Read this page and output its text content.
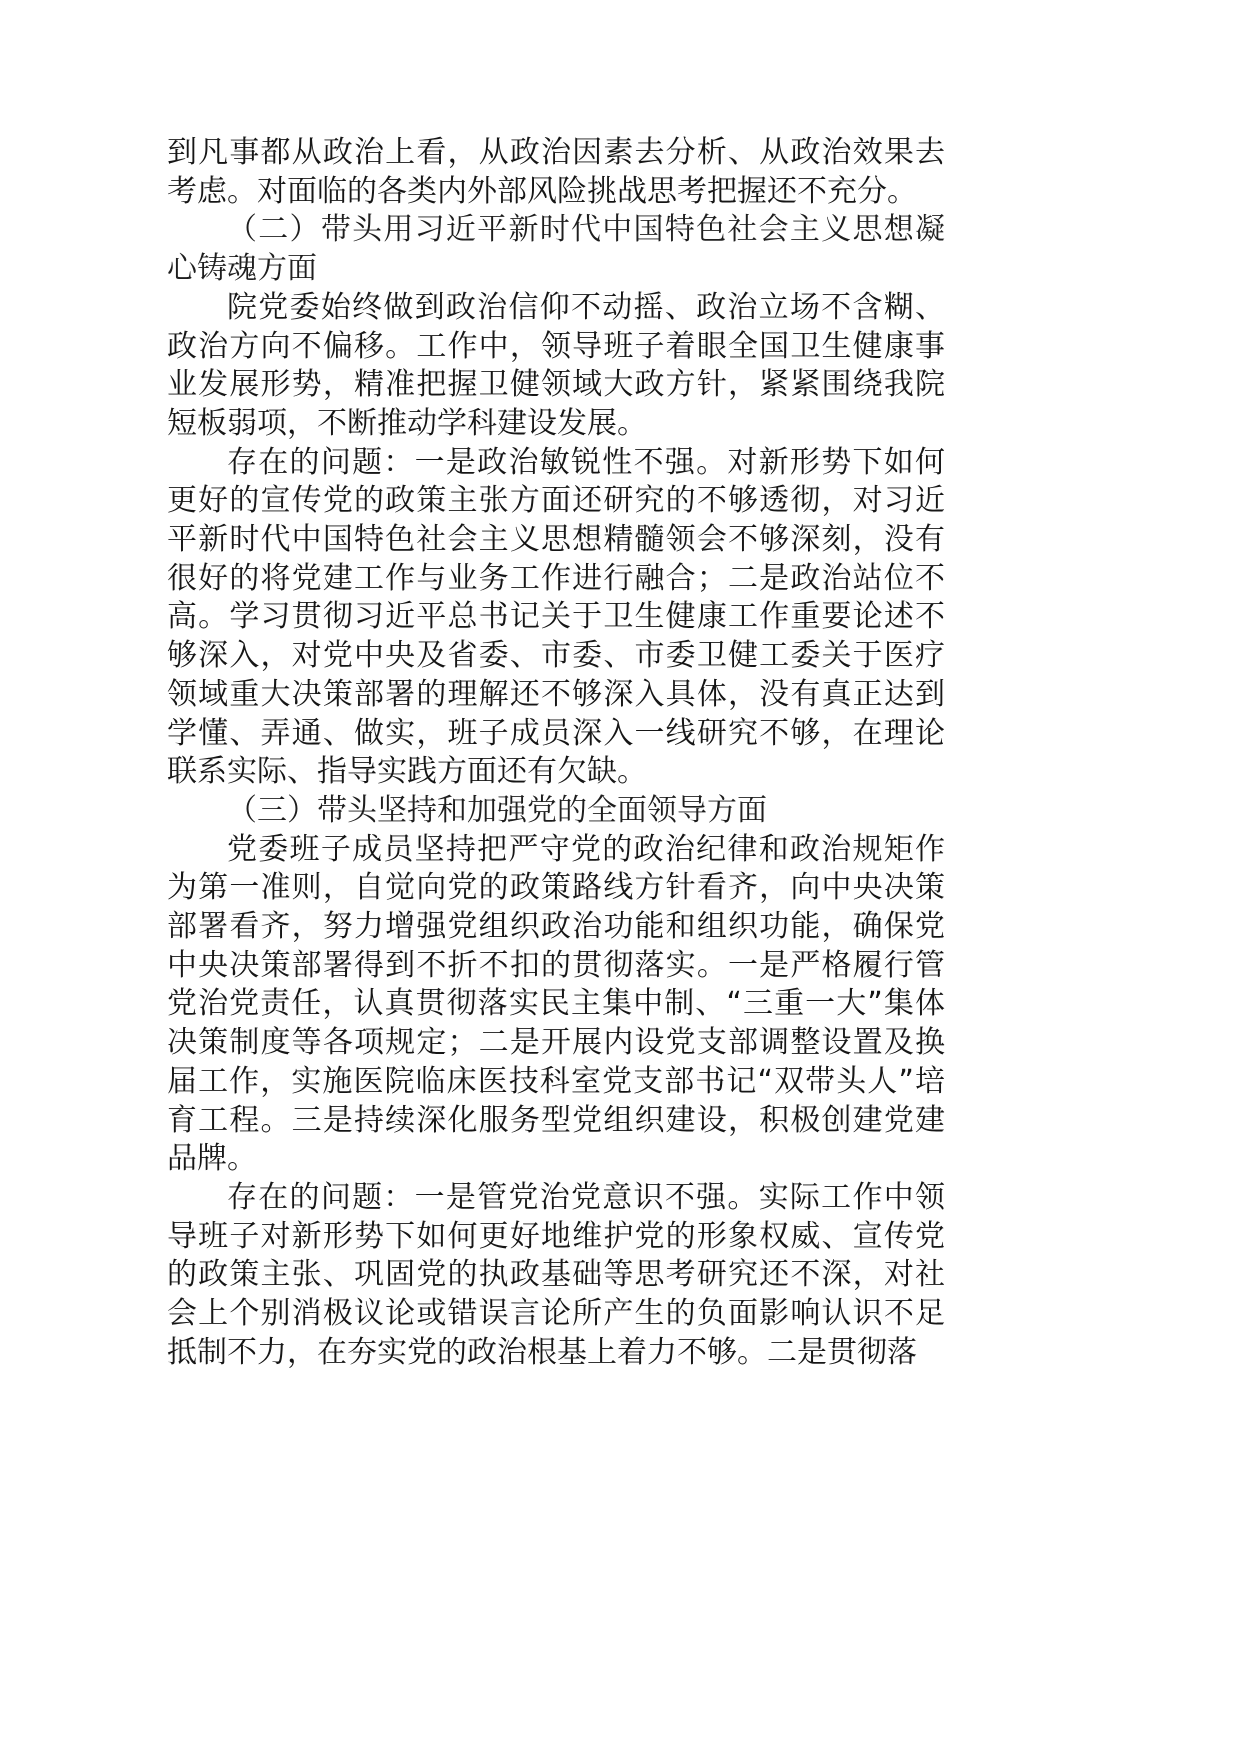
到凡事都从政治上看，从政治因素去分析、从政治效果去考虑。对面临的各类内外部风险挑战思考把握还不充分。

（二）带头用习近平新时代中国特色社会主义思想凝心铸魂方面

院党委始终做到政治信仰不动摇、政治立场不含糊、政治方向不偏移。工作中，领导班子着眼全国卫生健康事业发展形势，精准把握卫健领域大政方针，紧紧围绕我院短板弱项，不断推动学科建设发展。

存在的问题：一是政治敏锐性不强。对新形势下如何更好的宣传党的政策主张方面还研究的不够透彻，对习近平新时代中国特色社会主义思想精髓领会不够深刻，没有很好的将党建工作与业务工作进行融合；二是政治站位不高。学习贯彻习近平总书记关于卫生健康工作重要论述不够深入，对党中央及省委、市委、市委卫健工委关于医疗领域重大决策部署的理解还不够深入具体，没有真正达到学懂、弄通、做实，班子成员深入一线研究不够，在理论联系实际、指导实践方面还有欠缺。

（三）带头坚持和加强党的全面领导方面

党委班子成员坚持把严守党的政治纪律和政治规矩作为第一准则，自觉向党的政策路线方针看齐，向中央决策部署看齐，努力增强党组织政治功能和组织功能，确保党中央决策部署得到不折不扣的贯彻落实。一是严格履行管党治党责任，认真贯彻落实民主集中制、“三重一大”集体决策制度等各项规定；二是开展内设党支部调整设置及换届工作，实施医院临床医技科室党支部书记“双带头人”培育工程。三是持续深化服务型党组织建设，积极创建党建品牌。

存在的问题：一是管党治党意识不强。实际工作中领导班子对新形势下如何更好地维护党的形象权威、宣传党的政策主张、巩固党的执政基础等思考研究还不深，对社会上个别消极议论或错误言论所产生的负面影响认识不足抵制不力，在夯实党的政治根基上着力不够。二是贯彻落
